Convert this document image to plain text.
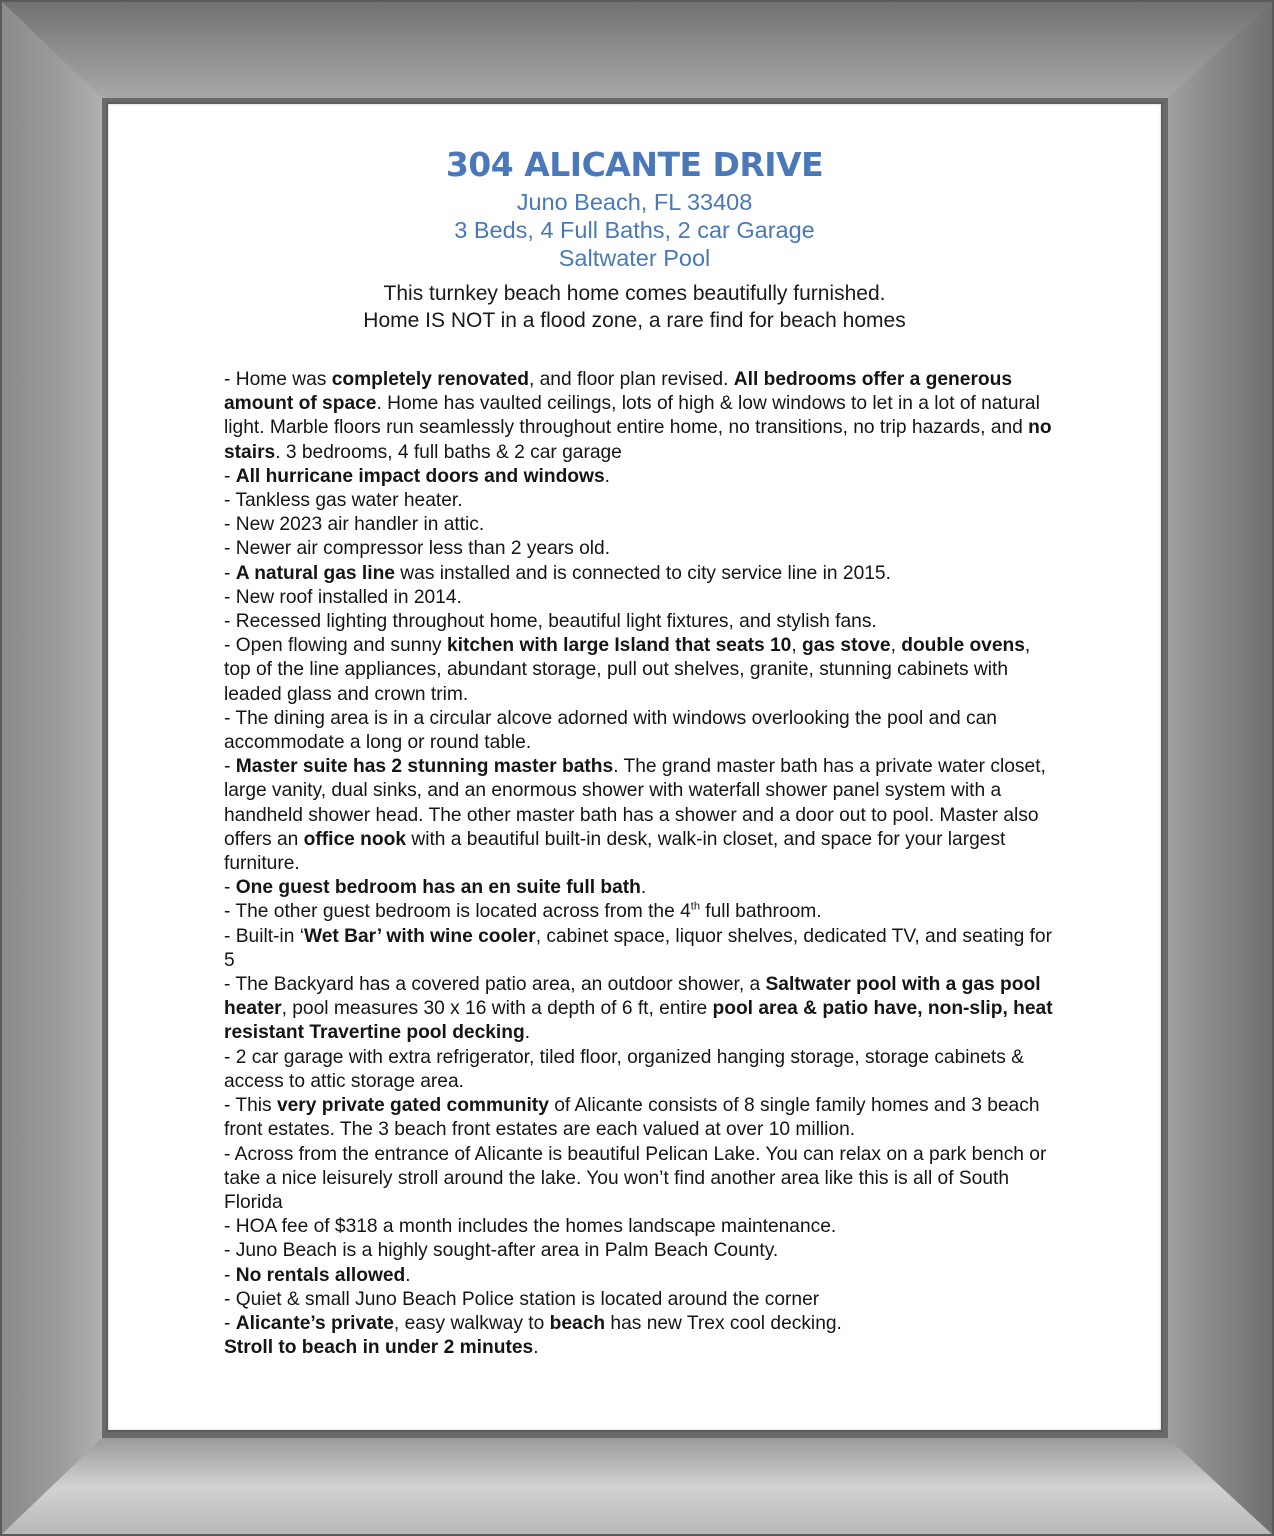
304 ALICANTE DRIVE

Juno Beach, FL 33408

3 Beds, 4 Full Baths, 2 car Garage

Saltwater Pool

This turnkey beach home comes beautifully furnished.

Home IS NOT in a flood zone, a rare find for beach homes

- Home was completely renovated, and floor plan revised. All bedrooms offer a generous amount of space. Home has vaulted ceilings, lots of high & low windows to let in a lot of natural light. Marble floors run seamlessly throughout entire home, no transitions, no trip hazards, and no stairs. 3 bedrooms, 4 full baths & 2 car garage

- All hurricane impact doors and windows.

- Tankless gas water heater.

- New 2023 air handler in attic.

- Newer air compressor less than 2 years old.

- A natural gas line was installed and is connected to city service line in 2015.

- New roof installed in 2014.

- Recessed lighting throughout home, beautiful light fixtures, and stylish fans.

- Open flowing and sunny kitchen with large Island that seats 10, gas stove, double ovens, top of the line appliances, abundant storage, pull out shelves, granite, stunning cabinets with leaded glass and crown trim.

- The dining area is in a circular alcove adorned with windows overlooking the pool and can accommodate a long or round table.

- Master suite has 2 stunning master baths. The grand master bath has a private water closet, large vanity, dual sinks, and an enormous shower with waterfall shower panel system with a handheld shower head. The other master bath has a shower and a door out to pool. Master also offers an office nook with a beautiful built-in desk, walk-in closet, and space for your largest furniture.

- One guest bedroom has an en suite full bath.

- The other guest bedroom is located across from the 4th full bathroom.

- Built-in ‘Wet Bar’ with wine cooler, cabinet space, liquor shelves, dedicated TV, and seating for 5

- The Backyard has a covered patio area, an outdoor shower, a Saltwater pool with a gas pool heater, pool measures 30 x 16 with a depth of 6 ft, entire pool area & patio have, non-slip, heat resistant Travertine pool decking.

- 2 car garage with extra refrigerator, tiled floor, organized hanging storage, storage cabinets & access to attic storage area.

- This very private gated community of Alicante consists of 8 single family homes and 3 beach front estates. The 3 beach front estates are each valued at over 10 million.

- Across from the entrance of Alicante is beautiful Pelican Lake. You can relax on a park bench or take a nice leisurely stroll around the lake. You won’t find another area like this is all of South Florida

- HOA fee of $318 a month includes the homes landscape maintenance.

- Juno Beach is a highly sought-after area in Palm Beach County.

- No rentals allowed.

- Quiet & small Juno Beach Police station is located around the corner

- Alicante’s private, easy walkway to beach has new Trex cool decking.

Stroll to beach in under 2 minutes.
